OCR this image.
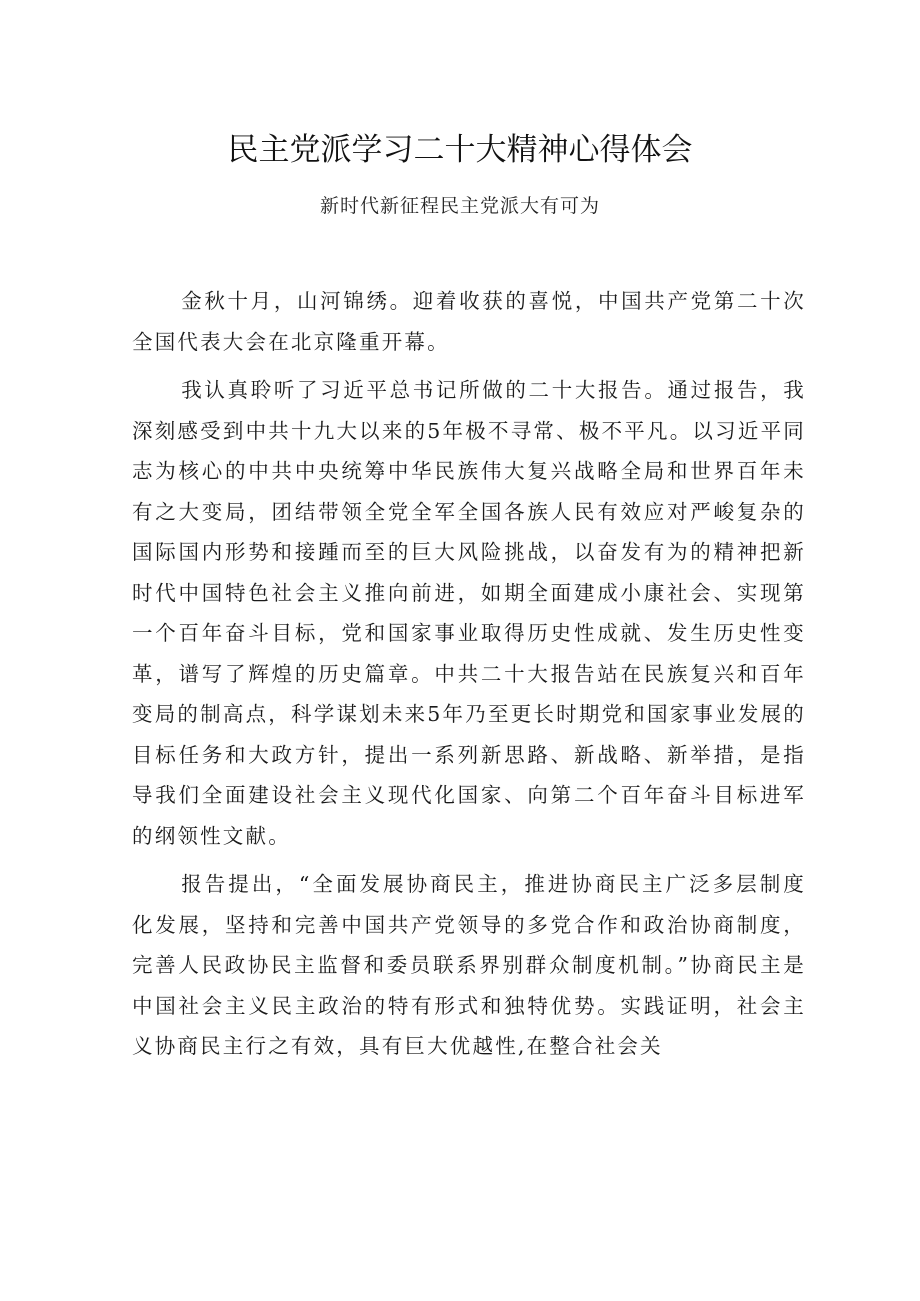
民主党派学习二十大精神心得体会
新时代新征程民主党派大有可为

金秋十月，山河锦绣。迎着收获的喜悦，中国共产党第二十次全国代表大会在北京隆重开幕。

我认真聆听了习近平总书记所做的二十大报告。通过报告，我深刻感受到中共十九大以来的5年极不寻常、极不平凡。以习近平同志为核心的中共中央统筹中华民族伟大复兴战略全局和世界百年未有之大变局，团结带领全党全军全国各族人民有效应对严峻复杂的国际国内形势和接踵而至的巨大风险挑战，以奋发有为的精神把新时代中国特色社会主义推向前进，如期全面建成小康社会、实现第一个百年奋斗目标，党和国家事业取得历史性成就、发生历史性变革，谱写了辉煌的历史篇章。中共二十大报告站在民族复兴和百年变局的制高点，科学谋划未来5年乃至更长时期党和国家事业发展的目标任务和大政方针，提出一系列新思路、新战略、新举措，是指导我们全面建设社会主义现代化国家、向第二个百年奋斗目标进军的纲领性文献。

报告提出，“全面发展协商民主，推进协商民主广泛多层制度化发展，坚持和完善中国共产党领导的多党合作和政治协商制度，完善人民政协民主监督和委员联系界别群众制度机制。”协商民主是中国社会主义民主政治的特有形式和独特优势。实践证明，社会主义协商民主行之有效，具有巨大优越性,在整合社会关
